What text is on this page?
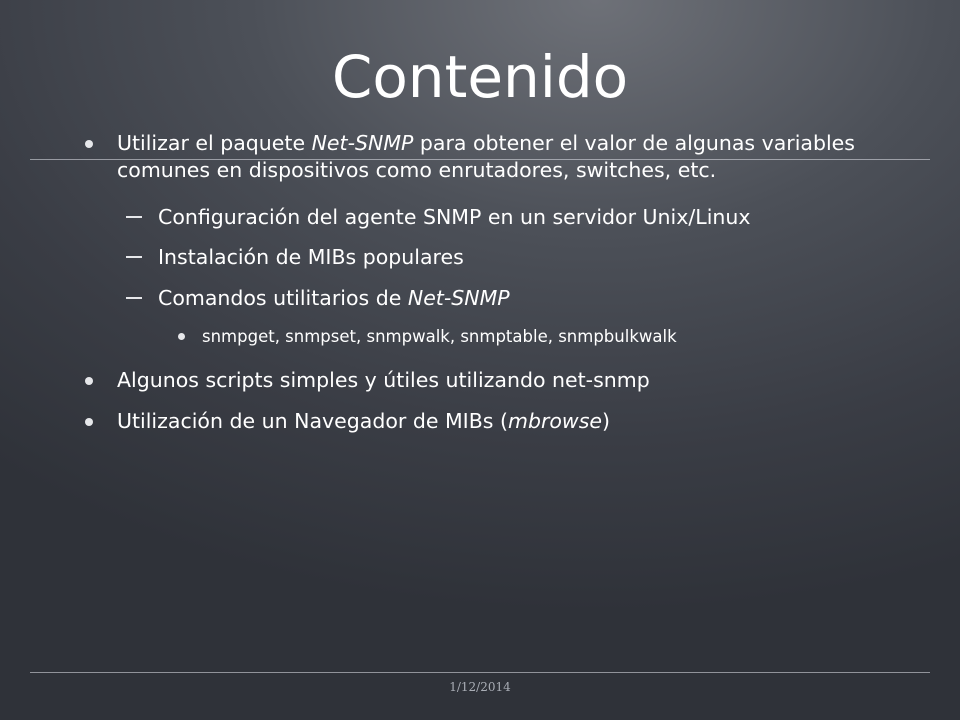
Contenido
Utilizar el paquete Net-SNMP para obtener el valor de algunas variables comunes en dispositivos como enrutadores, switches, etc.
Configuración del agente SNMP en un servidor Unix/Linux
Instalación de MIBs populares
Comandos utilitarios de Net-SNMP
snmpget, snmpset, snmpwalk, snmptable, snmpbulkwalk
Algunos scripts simples y útiles utilizando net-snmp
Utilización de un Navegador de MIBs (mbrowse)
1/12/2014
